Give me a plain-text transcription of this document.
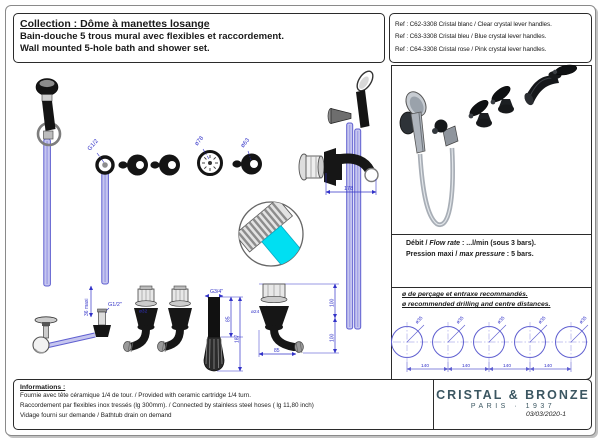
Collection : Dôme à manettes losange
Bain-douche 5 trous mural avec flexibles et raccordement.
Wall mounted 5-hole bath and shower set.
Ref : C62-3308 Cristal blanc / Clear crystal lever handles.
Ref : C63-3308 Cristal bleu / Blue crystal lever handles.
Ref : C64-3308 Cristal rose / Pink crystal lever handles.
G1/2	ø78	ø63
178
36 maxi	G1/2"
ø32
G3/4"
85
187
ø24
100
100
85
Débit / Flow rate : ...l/min (sous 3 bars).
Pression maxi / max pressure : 5 bars.
ø de perçage et entraxe recommandés.
ø recommended drilling and centre distances.
ø35	ø35	ø35	ø35	ø35
140	140	140	140
Informations :
Fournie avec tête céramique 1/4 de tour. / Provided with ceramic cartridge 1/4 turn.
Raccordement par flexibles inox tressés (lg 300mm). / Connected by stainless steel hoses ( lg 11,80 inch)
Vidage fourni sur demande / Bathtub drain on demand
CRISTAL & BRONZE
PARIS · 1937
03/03/2020-1
